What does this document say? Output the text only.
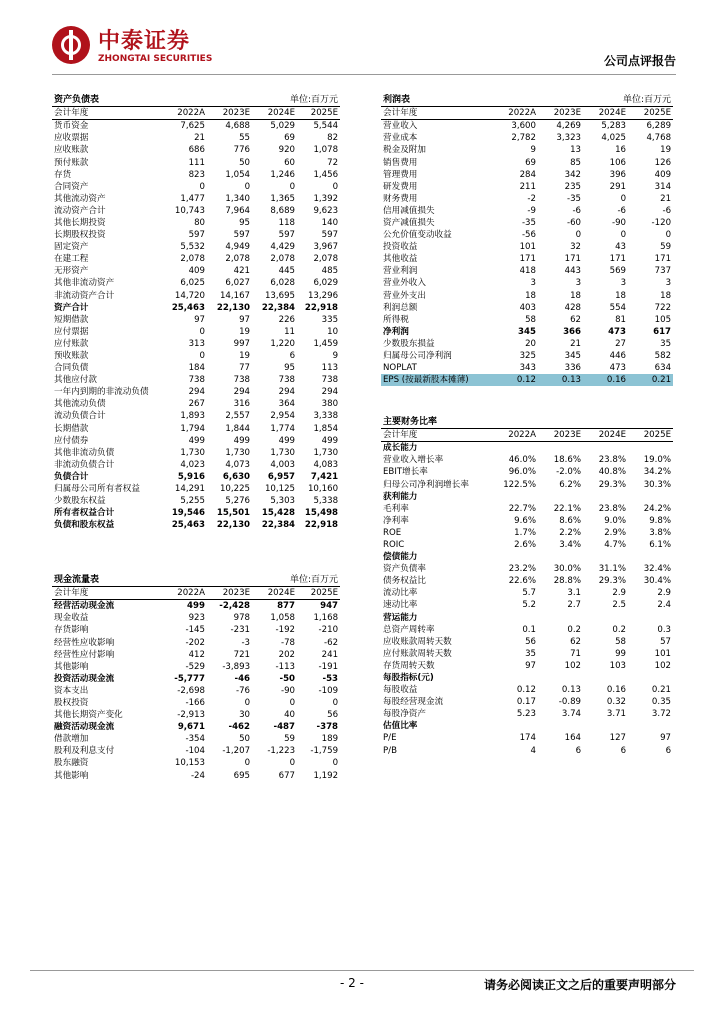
中泰证券
ZHONGTAI SECURITIES	公司点评报告
资产负债表			单位:百万元	
会计年度	2022A	2023E	2024E	2025E
货币资金	7,625	4,688	5,029	5,544
应收票据	21	55	69	82
应收账款	686	776	920	1,078
预付账款	111	50	60	72
存货	823	1,054	1,246	1,456
合同资产	0	0	0	0
其他流动资产	1,477	1,340	1,365	1,392
流动资产合计	10,743	7,964	8,689	9,623
其他长期投资	80	95	118	140
长期股权投资	597	597	597	597
固定资产	5,532	4,949	4,429	3,967
在建工程	2,078	2,078	2,078	2,078
无形资产	409	421	445	485
其他非流动资产	6,025	6,027	6,028	6,029
非流动资产合计	14,720	14,167	13,695	13,296
资产合计	25,463	22,130	22,384	22,918
短期借款	97	97	226	335
应付票据	0	19	11	10
应付账款	313	997	1,220	1,459
预收账款	0	19	6	9
合同负债	184	77	95	113
其他应付款	738	738	738	738
一年内到期的非流动负债	294	294	294	294
其他流动负债	267	316	364	380
流动负债合计	1,893	2,557	2,954	3,338
长期借款	1,794	1,844	1,774	1,854
应付债券	499	499	499	499
其他非流动负债	1,730	1,730	1,730	1,730
非流动负债合计	4,023	4,073	4,003	4,083
负债合计	5,916	6,630	6,957	7,421
归属母公司所有者权益	14,291	10,225	10,125	10,160
少数股东权益	5,255	5,276	5,303	5,338
所有者权益合计	19,546	15,501	15,428	15,498
负债和股东权益	25,463	22,130	22,384	22,918
现金流量表			单位:百万元	
会计年度	2022A	2023E	2024E	2025E
经营活动现金流	499	-2,428	877	947
现金收益	923	978	1,058	1,168
存货影响	-145	-231	-192	-210
经营性应收影响	-202	-3	-78	-62
经营性应付影响	412	721	202	241
其他影响	-529	-3,893	-113	-191
投资活动现金流	-5,777	-46	-50	-53
资本支出	-2,698	-76	-90	-109
股权投资	-166	0	0	0
其他长期资产变化	-2,913	30	40	56
融资活动现金流	9,671	-462	-487	-378
借款增加	-354	50	59	189
股利及利息支付	-104	-1,207	-1,223	-1,759
股东融资	10,153	0	0	0
其他影响	-24	695	677	1,192
利润表			单位:百万元	
会计年度	2022A	2023E	2024E	2025E
营业收入	3,600	4,269	5,283	6,289
营业成本	2,782	3,323	4,025	4,768
税金及附加	9	13	16	19
销售费用	69	85	106	126
管理费用	284	342	396	409
研发费用	211	235	291	314
财务费用	-2	-35	0	21
信用减值损失	-9	-6	-6	-6
资产减值损失	-35	-60	-90	-120
公允价值变动收益	-56	0	0	0
投资收益	101	32	43	59
其他收益	171	171	171	171
营业利润	418	443	569	737
营业外收入	3	3	3	3
营业外支出	18	18	18	18
利润总额	403	428	554	722
所得税	58	62	81	105
净利润	345	366	473	617
少数股东损益	20	21	27	35
归属母公司净利润	325	345	446	582
NOPLAT	343	336	473	634
EPS (按最新股本摊薄)	0.12	0.13	0.16	0.21
主要财务比率				
会计年度	2022A	2023E	2024E	2025E
成长能力				
营业收入增长率	46.0%	18.6%	23.8%	19.0%
EBIT增长率	96.0%	-2.0%	40.8%	34.2%
归母公司净利润增长率	122.5%	6.2%	29.3%	30.3%
获利能力				
毛利率	22.7%	22.1%	23.8%	24.2%
净利率	9.6%	8.6%	9.0%	9.8%
ROE	1.7%	2.2%	2.9%	3.8%
ROIC	2.6%	3.4%	4.7%	6.1%
偿债能力				
资产负债率	23.2%	30.0%	31.1%	32.4%
债务权益比	22.6%	28.8%	29.3%	30.4%
流动比率	5.7	3.1	2.9	2.9
速动比率	5.2	2.7	2.5	2.4
营运能力				
总资产周转率	0.1	0.2	0.2	0.3
应收账款周转天数	56	62	58	57
应付账款周转天数	35	71	99	101
存货周转天数	97	102	103	102
每股指标(元)				
每股收益	0.12	0.13	0.16	0.21
每股经营现金流	0.17	-0.89	0.32	0.35
每股净资产	5.23	3.74	3.71	3.72
估值比率				
P/E	174	164	127	97
P/B	4	6	6	6
- 2 -	请务必阅读正文之后的重要声明部分
